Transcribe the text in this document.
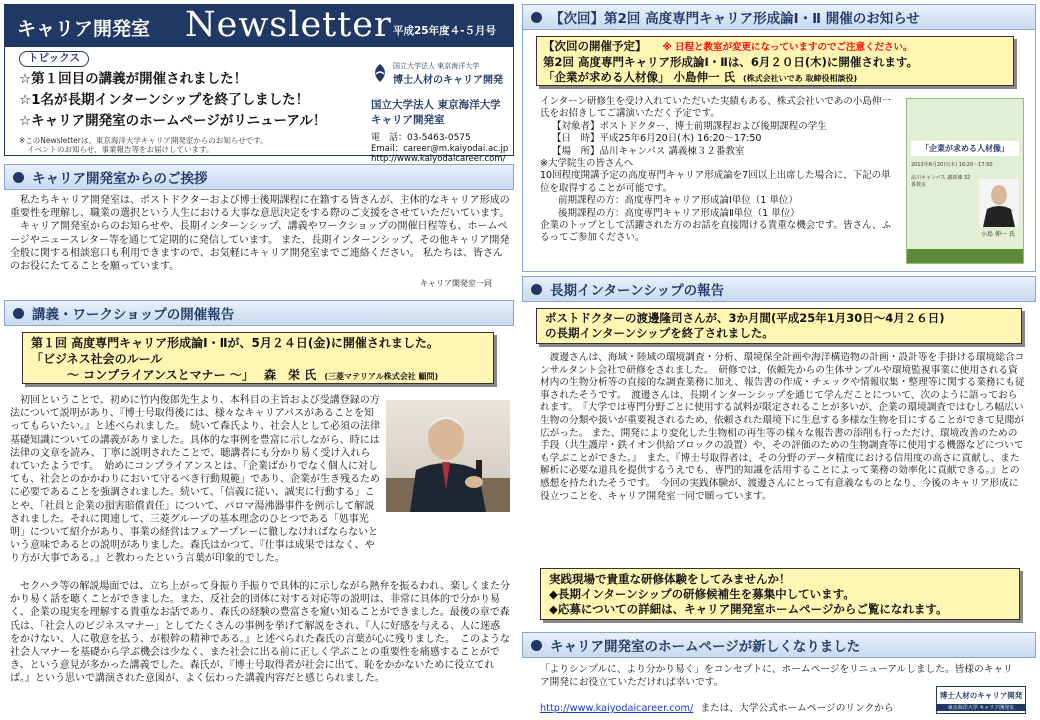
キャリア開発室 Newsletter 平成25年度４-５月号
トピックス
☆第１回目の講義が開催されました！
☆1名が長期インターンシップを終了しました！
☆キャリア開発室のホームページがリニューアル！
※このNewsletterは、東京海洋大学キャリア開発室からのお知らせです。
イベントのお知らせ、事業報告等をお届けしています。
国立大学法人 東京海洋大学
博士人材のキャリア開発
国立大学法人 東京海洋大学
キャリア開発室
電　話：03-5463-0575
Email：career@m.kaiyodai.ac.jp
http://www.kaiyodaicareer.com/
キャリア開発室からのご挨拶

私たちキャリア開発室は、ポストドクターおよび博士後期課程に在籍する皆さんが、主体的なキャリア形成の重要性を理解し、職業の選択という人生における大事な意思決定をする際のご支援をさせていただいています。

キャリア開発室からのお知らせや、長期インターンシップ、講義やワークショップの開催日程等も、ホームページやニュースレター等を通じて定期的に発信しています。 また、長期インターンシップ、その他キャリア開発全般に関する相談窓口も利用できますので、お気軽にキャリア開発室までご連絡ください。 私たちは、皆さんのお役にたてることを願っています。

キャリア開発室一同
講義・ワークショップの開催報告
第１回 高度専門キャリア形成論Ⅰ・Ⅱが、5月２４日(金)に開催されました。
「ビジネス社会のルール
～ コンプライアンスとマナー ～」 森　栄 氏 (三菱マテリアル株式会社 顧問)
初回ということで、初めに竹内俊郎先生より、本科目の主旨および受講登録の方法について説明があり、『博士号取得後には、様々なキャリアパスがあることを知ってもらいたい。』と述べられました。　続いて森氏より、社会人として必須の法律基礎知識についての講義がありました。具体的な事例を豊富に示しながら、時には法律の文章を読み、丁寧に説明されたことで、聴講者にも分かり易く受け入れられていたようです。　始めにコンプライアンスとは、「企業ばかりでなく個人に対しても、社会とのかかわりにおいて守るべき行動規範」であり、企業が生き残るために必要であることを強調されました。続いて、「信義に従い、誠実に行動する」ことや、「社員と企業の損害賠償責任」について、パロマ湯沸器事件を例示して解説されました。それに関連して、三菱グループの基本理念のひとつである「処事光明」について紹介があり、事業の経営はフェアープレーに徹しなければならないという意味であるとの説明がありました。森氏はかつて、『仕事は成果ではなく、やり方が大事である。』と教わったという言葉が印象的でした。
セクハラ等の解説場面では、立ち上がって身振り手振りで具体的に示しながら熱弁を振るわれ、楽しくまた分かり易く話を聴くことができました。また、反社会的団体に対する対応等の説明は、非常に具体的で分かり易く、企業の現実を理解する貴重なお話であり、森氏の経験の豊富さを窺い知ることができました。最後の章で森氏は、「社会人のビジネスマナー」としてたくさんの事例を挙げて解説をされ、『人に好感を与える、人に迷惑をかけない、人に敬意を払う、が根幹の精神である。』と述べられた森氏の言葉が心に残りました。　このような社会人マナーを基礎から学ぶ機会は少なく、また社会に出る前に正しく学ぶことの重要性を痛感することができ、という意見が多かった講義でした。森氏が、『博士号取得者が社会に出て、恥をかかないために役立てれば。』という思いで講演された意図が、よく伝わった講義内容だと感じられました。
【次回】第2回 高度専門キャリア形成論Ⅰ・Ⅱ 開催のお知らせ
【次回の開催予定】 ※ 日程と教室が変更になっていますのでご注意ください。
第2回 高度専門キャリア形成論Ⅰ・Ⅱは、6月２０日(木)に開催されます。
「企業が求める人材像」 小島伸一 氏 (株式会社いであ 取締役相談役)
インターン研修生を受け入れていただいた実績もある、株式会社いであの小島伸一氏をお招きしてご講演いただく予定です。
【対象者】ポストドクター、博士前期課程および後期課程の学生
【日　時】平成25年6月20日(木) 16:20～17:50
【場　所】品川キャンパス 講義棟３２番教室
※大学院生の皆さんへ
10回程度開講予定の高度専門キャリア形成論を7回以上出席した場合に、下記の単位を取得することが可能です。
前期課程の方：高度専門キャリア形成論Ⅰ単位（1 単位）
後期課程の方：高度専門キャリア形成論Ⅱ単位（1 単位）
企業のトップとして活躍された方のお話を直接聞ける貴重な機会です。皆さん、ふるってご参加ください。
「企業が求める人材像」
2013年6月20日(木) 16:20～17:50
品川キャンパス 講義棟 32番教室
小島 伸一 氏
長期インターンシップの報告
ポストドクターの渡邊隆司さんが、3か月間(平成25年1月30日～4月２６日)
の長期インターンシップを終了されました。
渡邊さんは、海域・陸域の環境調査・分析、環境保全計画や海洋構造物の計画・設計等を手掛ける環境総合コンサルタント会社で研修をされました。　研修では、依頼先からの生体サンプルや環境監視事業に使用される資材内の生物分析等の直接的な調査業務に加え、報告書の作成・チェックや情報収集・整理等に関する業務にも従事されたそうです。　渡邊さんは、長期インターンシップを通じて学んだことについて、次のように語っておられます。　『大学では専門分野ごとに使用する試料が限定されることが多いが、企業の環境調査ではむしろ幅広い生物の分類や扱いが重要視されるため、依頼された環境下に生息する多様な生物を目にすることができて見聞が広がった。 また、開発により変化した生物相の再生等の様々な報告書の添削も行っただけ、環境改善のための手段（共生護岸・鉄イオン供給ブロックの設置）や、その評価のための生物調査等に使用する機器などについても学ぶことができた。』　また、『博士号取得者は、その分野のデータ精度における信用度の高さに貢献し、また解析に必要な道具を提供するうえでも、専門的知識を活用することによって業務の効率化に貢献できる。』との感想を持たれたそうです。　今回の実践体験が、渡邊さんにとって有意義なものとなり、今後のキャリア形成に役立つことを、キャリア開発室一同で願っています。
実践現場で貴重な研修体験をしてみませんか！
◆長期インターンシップの研修候補生を募集中しています。
◆応募についての詳細は、キャリア開発室ホームページからご覧になれます。
キャリア開発室のホームページが新しくなりました
「よりシンプルに、より分かり易く」をコンセプトに、ホームページをリニューアルしました。皆様のキャリア開発にお役立ていただければ幸いです。
http://www.kaiyodaicareer.com/ または、大学公式ホームページのリンクから
博士人材のキャリア開発
東京海洋大学 キャリア開発室
